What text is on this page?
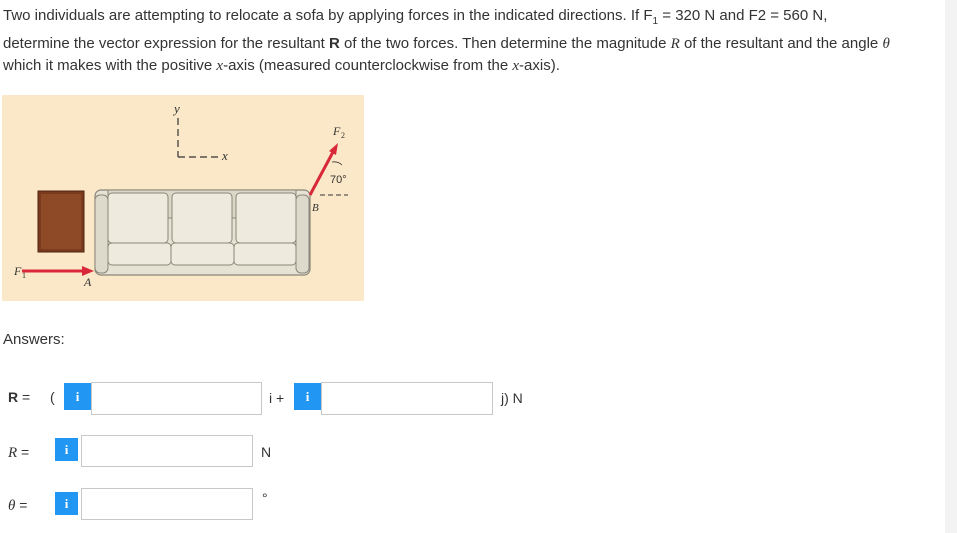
Two individuals are attempting to relocate a sofa by applying forces in the indicated directions. If $F_1 = 320$ N and F2 = 560 N,
determine the vector expression for the resultant R of the two forces. Then determine the magnitude R of the resultant and the angle θ
which it makes with the positive x-axis (measured counterclockwise from the x-axis).
y
x
F 1	A
F 2
70°
B
Answers:
R = (	i	i +	i	j) N
R =	i	N
θ =	i	°
